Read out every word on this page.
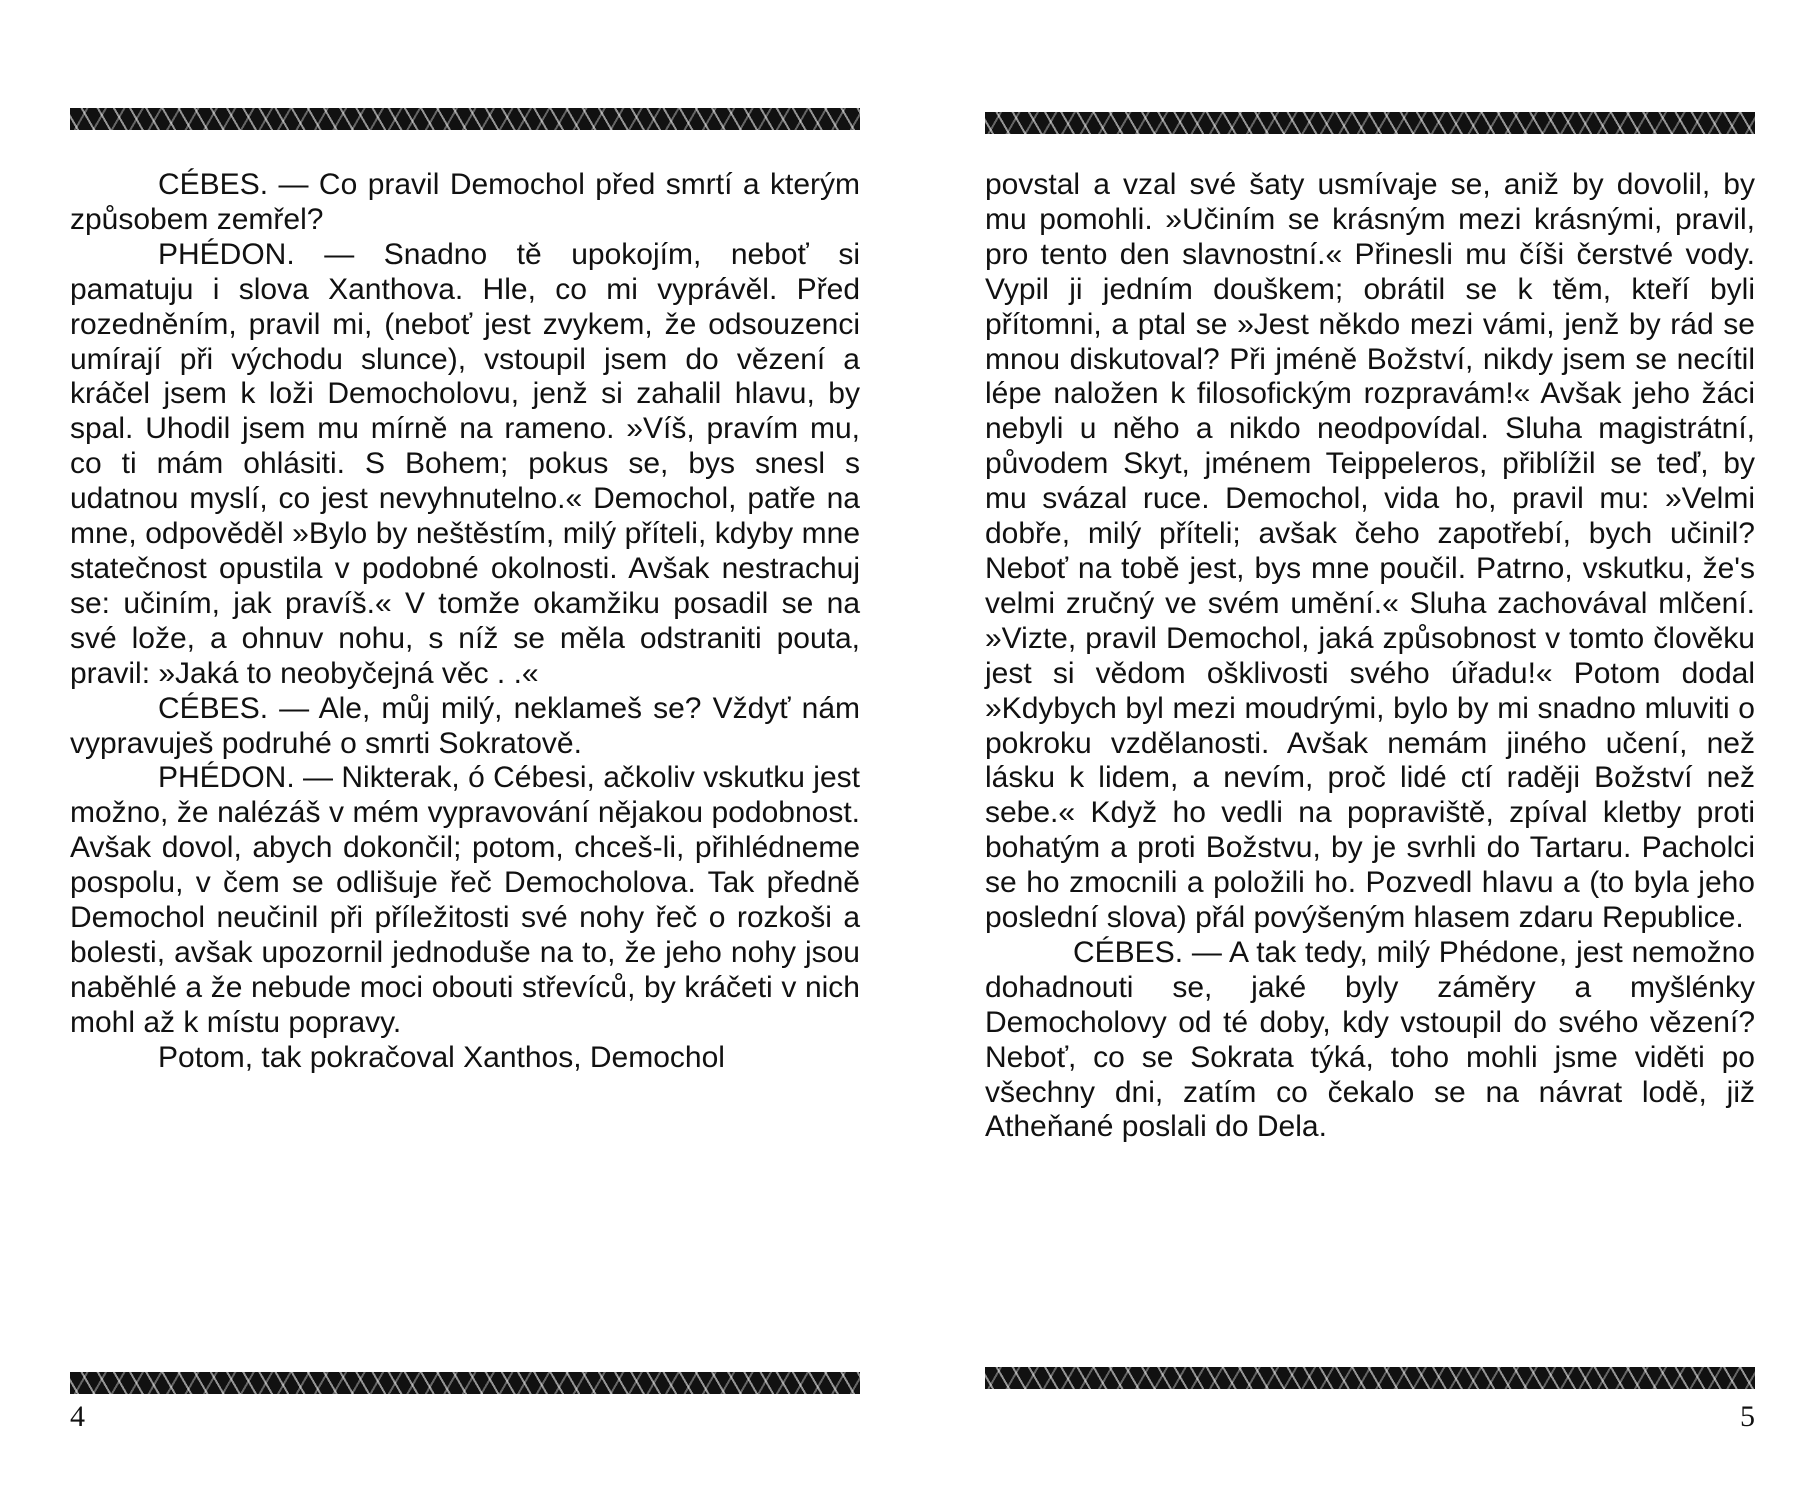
CÉBES. — Co pravil Demochol před smrtí a kterým způsobem zemřel?

PHÉDON. — Snadno tě upokojím, neboť si pamatuju i slova Xanthova. Hle, co mi vyprávěl. Před rozedněním, pravil mi, (neboť jest zvykem, že odsouzenci umírají při východu slunce), vstoupil jsem do vězení a kráčel jsem k loži Democholovu, jenž si zahalil hlavu, by spal. Uhodil jsem mu mírně na rameno. »Víš, pravím mu, co ti mám ohlásiti. S Bohem; pokus se, bys snesl s udatnou myslí, co jest nevyhnutelno.« Demochol, patře na mne, odpověděl »Bylo by neštěstím, milý příteli, kdyby mne statečnost opustila v podobné okolnosti. Avšak nestrachuj se: učiním, jak pravíš.« V tomže okamžiku posadil se na své lože, a ohnuv nohu, s níž se měla odstraniti pouta, pravil: »Jaká to neobyčejná věc . .«

CÉBES. — Ale, můj milý, neklameš se? Vždyť nám vypravuješ podruhé o smrti Sokratově.

PHÉDON. — Nikterak, ó Cébesi, ačkoliv vskutku jest možno, že nalézáš v mém vypravování nějakou podobnost. Avšak dovol, abych dokončil; potom, chceš-li, přihlédneme pospolu, v čem se odlišuje řeč Democholova. Tak předně Demochol neučinil při příležitosti své nohy řeč o rozkoši a bolesti, avšak upozornil jednoduše na to, že jeho nohy jsou naběhlé a že nebude moci obouti střevíců, by kráčeti v nich mohl až k místu popravy.

Potom, tak pokračoval Xanthos, Demochol

4

povstal a vzal své šaty usmívaje se, aniž by dovolil, by mu pomohli. »Učiním se krásným mezi krásnými, pravil, pro tento den slavnostní.« Přinesli mu číši čerstvé vody. Vypil ji jedním douškem; obrátil se k těm, kteří byli přítomni, a ptal se »Jest někdo mezi vámi, jenž by rád se mnou diskutoval? Při jméně Božství, nikdy jsem se necítil lépe naložen k filosofickým rozpravám!« Avšak jeho žáci nebyli u něho a nikdo neodpovídal. Sluha magistrátní, původem Skyt, jménem Teippeleros, přiblížil se teď, by mu svázal ruce. Demochol, vida ho, pravil mu: »Velmi dobře, milý příteli; avšak čeho zapotřebí, bych učinil? Neboť na tobě jest, bys mne poučil. Patrno, vskutku, že's velmi zručný ve svém umění.« Sluha zachovával mlčení. »Vizte, pravil Demochol, jaká způsobnost v tomto člověku jest si vědom ošklivosti svého úřadu!« Potom dodal »Kdybych byl mezi moudrými, bylo by mi snadno mluviti o pokroku vzdělanosti. Avšak nemám jiného učení, než lásku k lidem, a nevím, proč lidé ctí raději Božství než sebe.« Když ho vedli na popraviště, zpíval kletby proti bohatým a proti Božstvu, by je svrhli do Tartaru. Pacholci se ho zmocnili a položili ho. Pozvedl hlavu a (to byla jeho poslední slova) přál povýšeným hlasem zdaru Republice.

CÉBES. — A tak tedy, milý Phédone, jest nemožno dohadnouti se, jaké byly záměry a myšlénky Democholovy od té doby, kdy vstoupil do svého vězení? Neboť, co se Sokrata týká, toho mohli jsme viděti po všechny dni, zatím co čekalo se na návrat lodě, již Atheňané poslali do Dela.

5
